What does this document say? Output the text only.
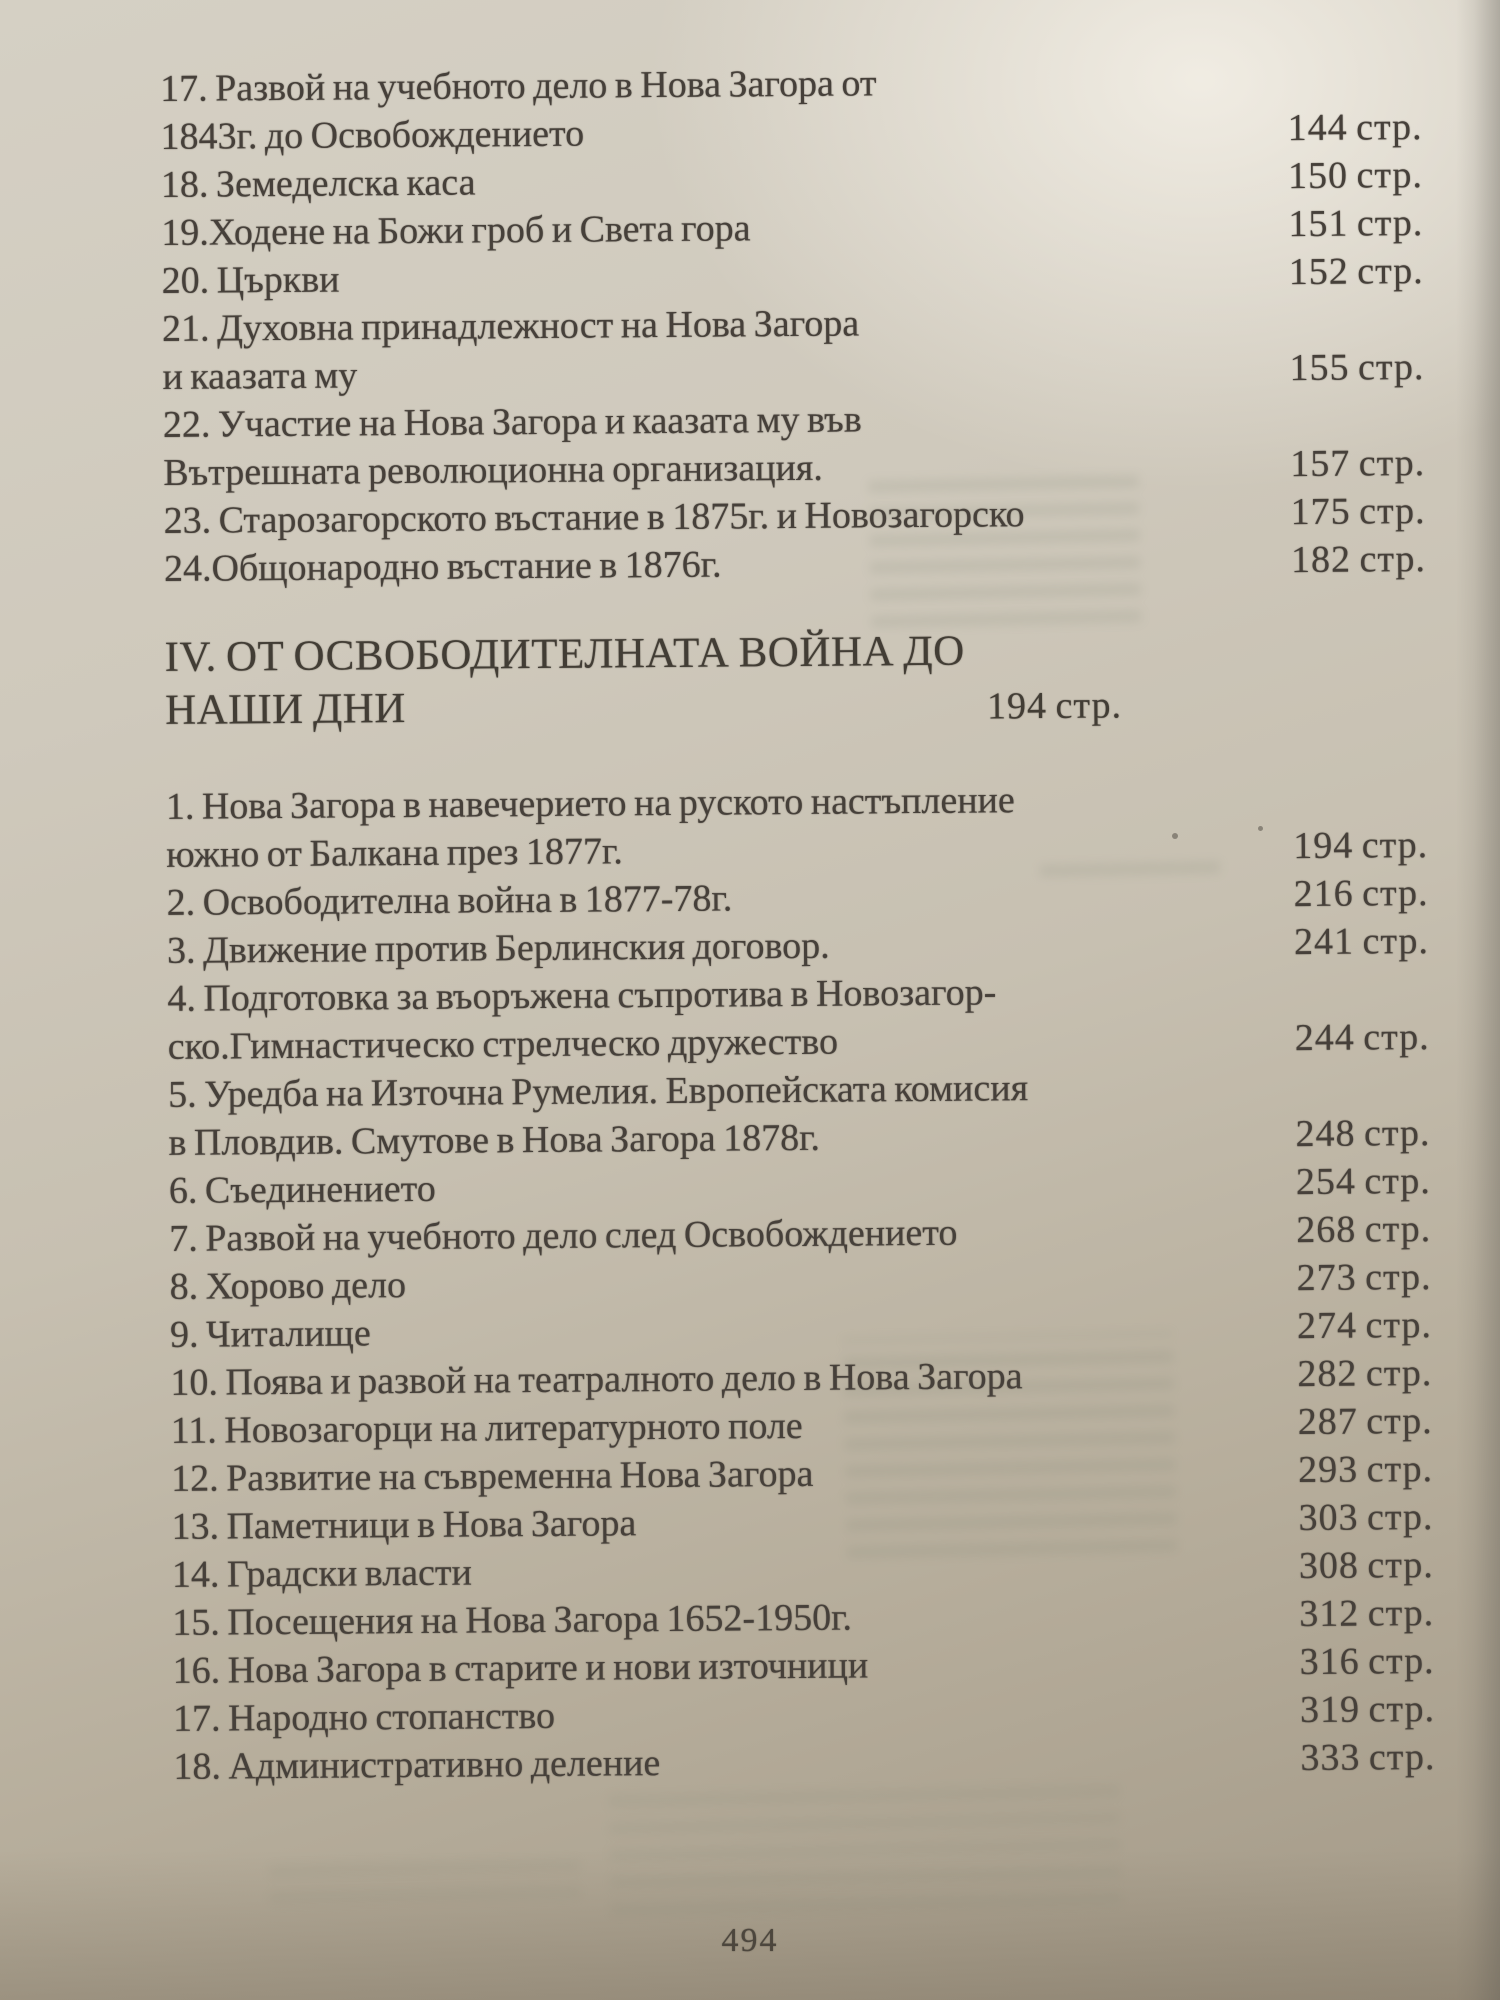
17. Развой на учебното дело в Нова Загора от
1843г. до Освобождението	144 стр.
18. Земеделска каса	150 стр.
19.Ходене на Божи гроб и Света гора	151 стр.
20. Църкви	152 стр.
21. Духовна принадлежност на Нова Загора
и каазата му	155 стр.
22. Участие на Нова Загора и каазата му във
Вътрешната революционна организация.	157 стр.
23. Старозагорското въстание в 1875г. и Новозагорско	175 стр.
24.Общонародно въстание в 1876г.	182 стр.
IV. ОТ ОСВОБОДИТЕЛНАТА ВОЙНА ДО
НАШИ ДНИ	194 стр.
1. Нова Загора в навечерието на руското настъпление
южно от Балкана през 1877г.	194 стр.
2. Освободителна война в 1877-78г.	216 стр.
3. Движение против Берлинския договор.	241 стр.
4. Подготовка за въоръжена съпротива в Новозагор-
ско.Гимнастическо стрелческо дружество	244 стр.
5. Уредба на Източна Румелия. Европейската комисия
в Пловдив. Смутове в Нова Загора 1878г.	248 стр.
6. Съединението	254 стр.
7. Развой на учебното дело след Освобождението	268 стр.
8. Хорово дело	273 стр.
9. Читалище	274 стр.
10. Поява и развой на театралното дело в Нова Загора	282 стр.
11. Новозагорци на литературното поле	287 стр.
12. Развитие на съвременна Нова Загора	293 стр.
13. Паметници в Нова Загора	303 стр.
14. Градски власти	308 стр.
15. Посещения на Нова Загора 1652-1950г.	312 стр.
16. Нова Загора в старите и нови източници	316 стр.
17. Народно стопанство	319 стр.
18. Административно деление	333 стр.
494
